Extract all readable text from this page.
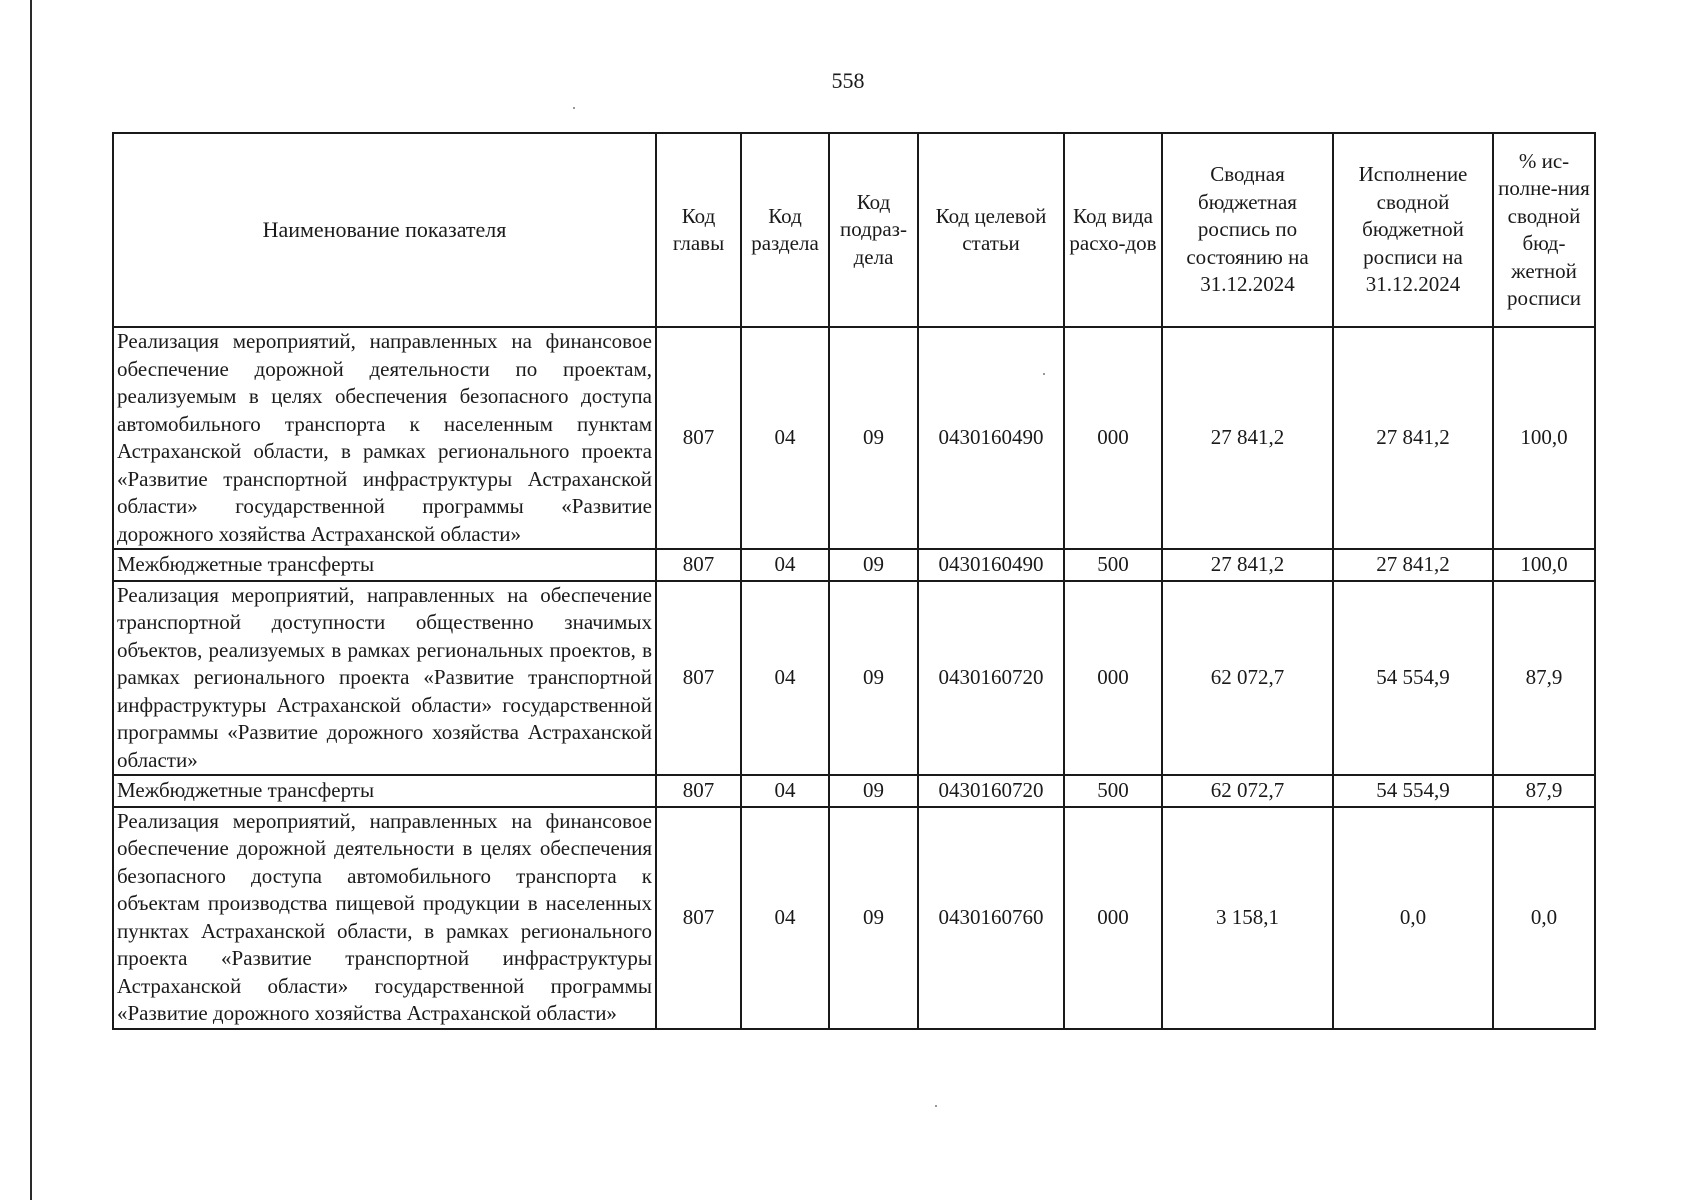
558
Наименование показателя	Код главы	Код раздела	Код подраз-дела	Код целевой статьи	Код вида расхо-дов	Сводная бюджетная роспись по состоянию на 31.12.2024	Исполнение сводной бюджетной росписи на 31.12.2024	% ис-полне-ния сводной бюд-жетной росписи
Реализация мероприятий, направленных на финансовое обеспечение дорожной деятельности по проектам, реализуемым в целях обеспечения безопасного доступа автомобильного транспорта к населенным пунктам Астраханской области, в рамках регионального проекта «Развитие транспортной инфраструктуры Астраханской области» государственной программы «Развитие дорожного хозяйства Астраханской области»	807	04	09	0430160490	000	27 841,2	27 841,2	100,0
Межбюджетные трансферты	807	04	09	0430160490	500	27 841,2	27 841,2	100,0
Реализация мероприятий, направленных на обеспечение транспортной доступности общественно значимых объектов, реализуемых в рамках региональных проектов, в рамках регионального проекта «Развитие транспортной инфраструктуры Астраханской области» государственной программы «Развитие дорожного хозяйства Астраханской области»	807	04	09	0430160720	000	62 072,7	54 554,9	87,9
Межбюджетные трансферты	807	04	09	0430160720	500	62 072,7	54 554,9	87,9
Реализация мероприятий, направленных на финансовое обеспечение дорожной деятельности в целях обеспечения безопасного доступа автомобильного транспорта к объектам производства пищевой продукции в населенных пунктах Астраханской области, в рамках регионального проекта «Развитие транспортной инфраструктуры Астраханской области» государственной программы «Развитие дорожного хозяйства Астраханской области»	807	04	09	0430160760	000	3 158,1	0,0	0,0
